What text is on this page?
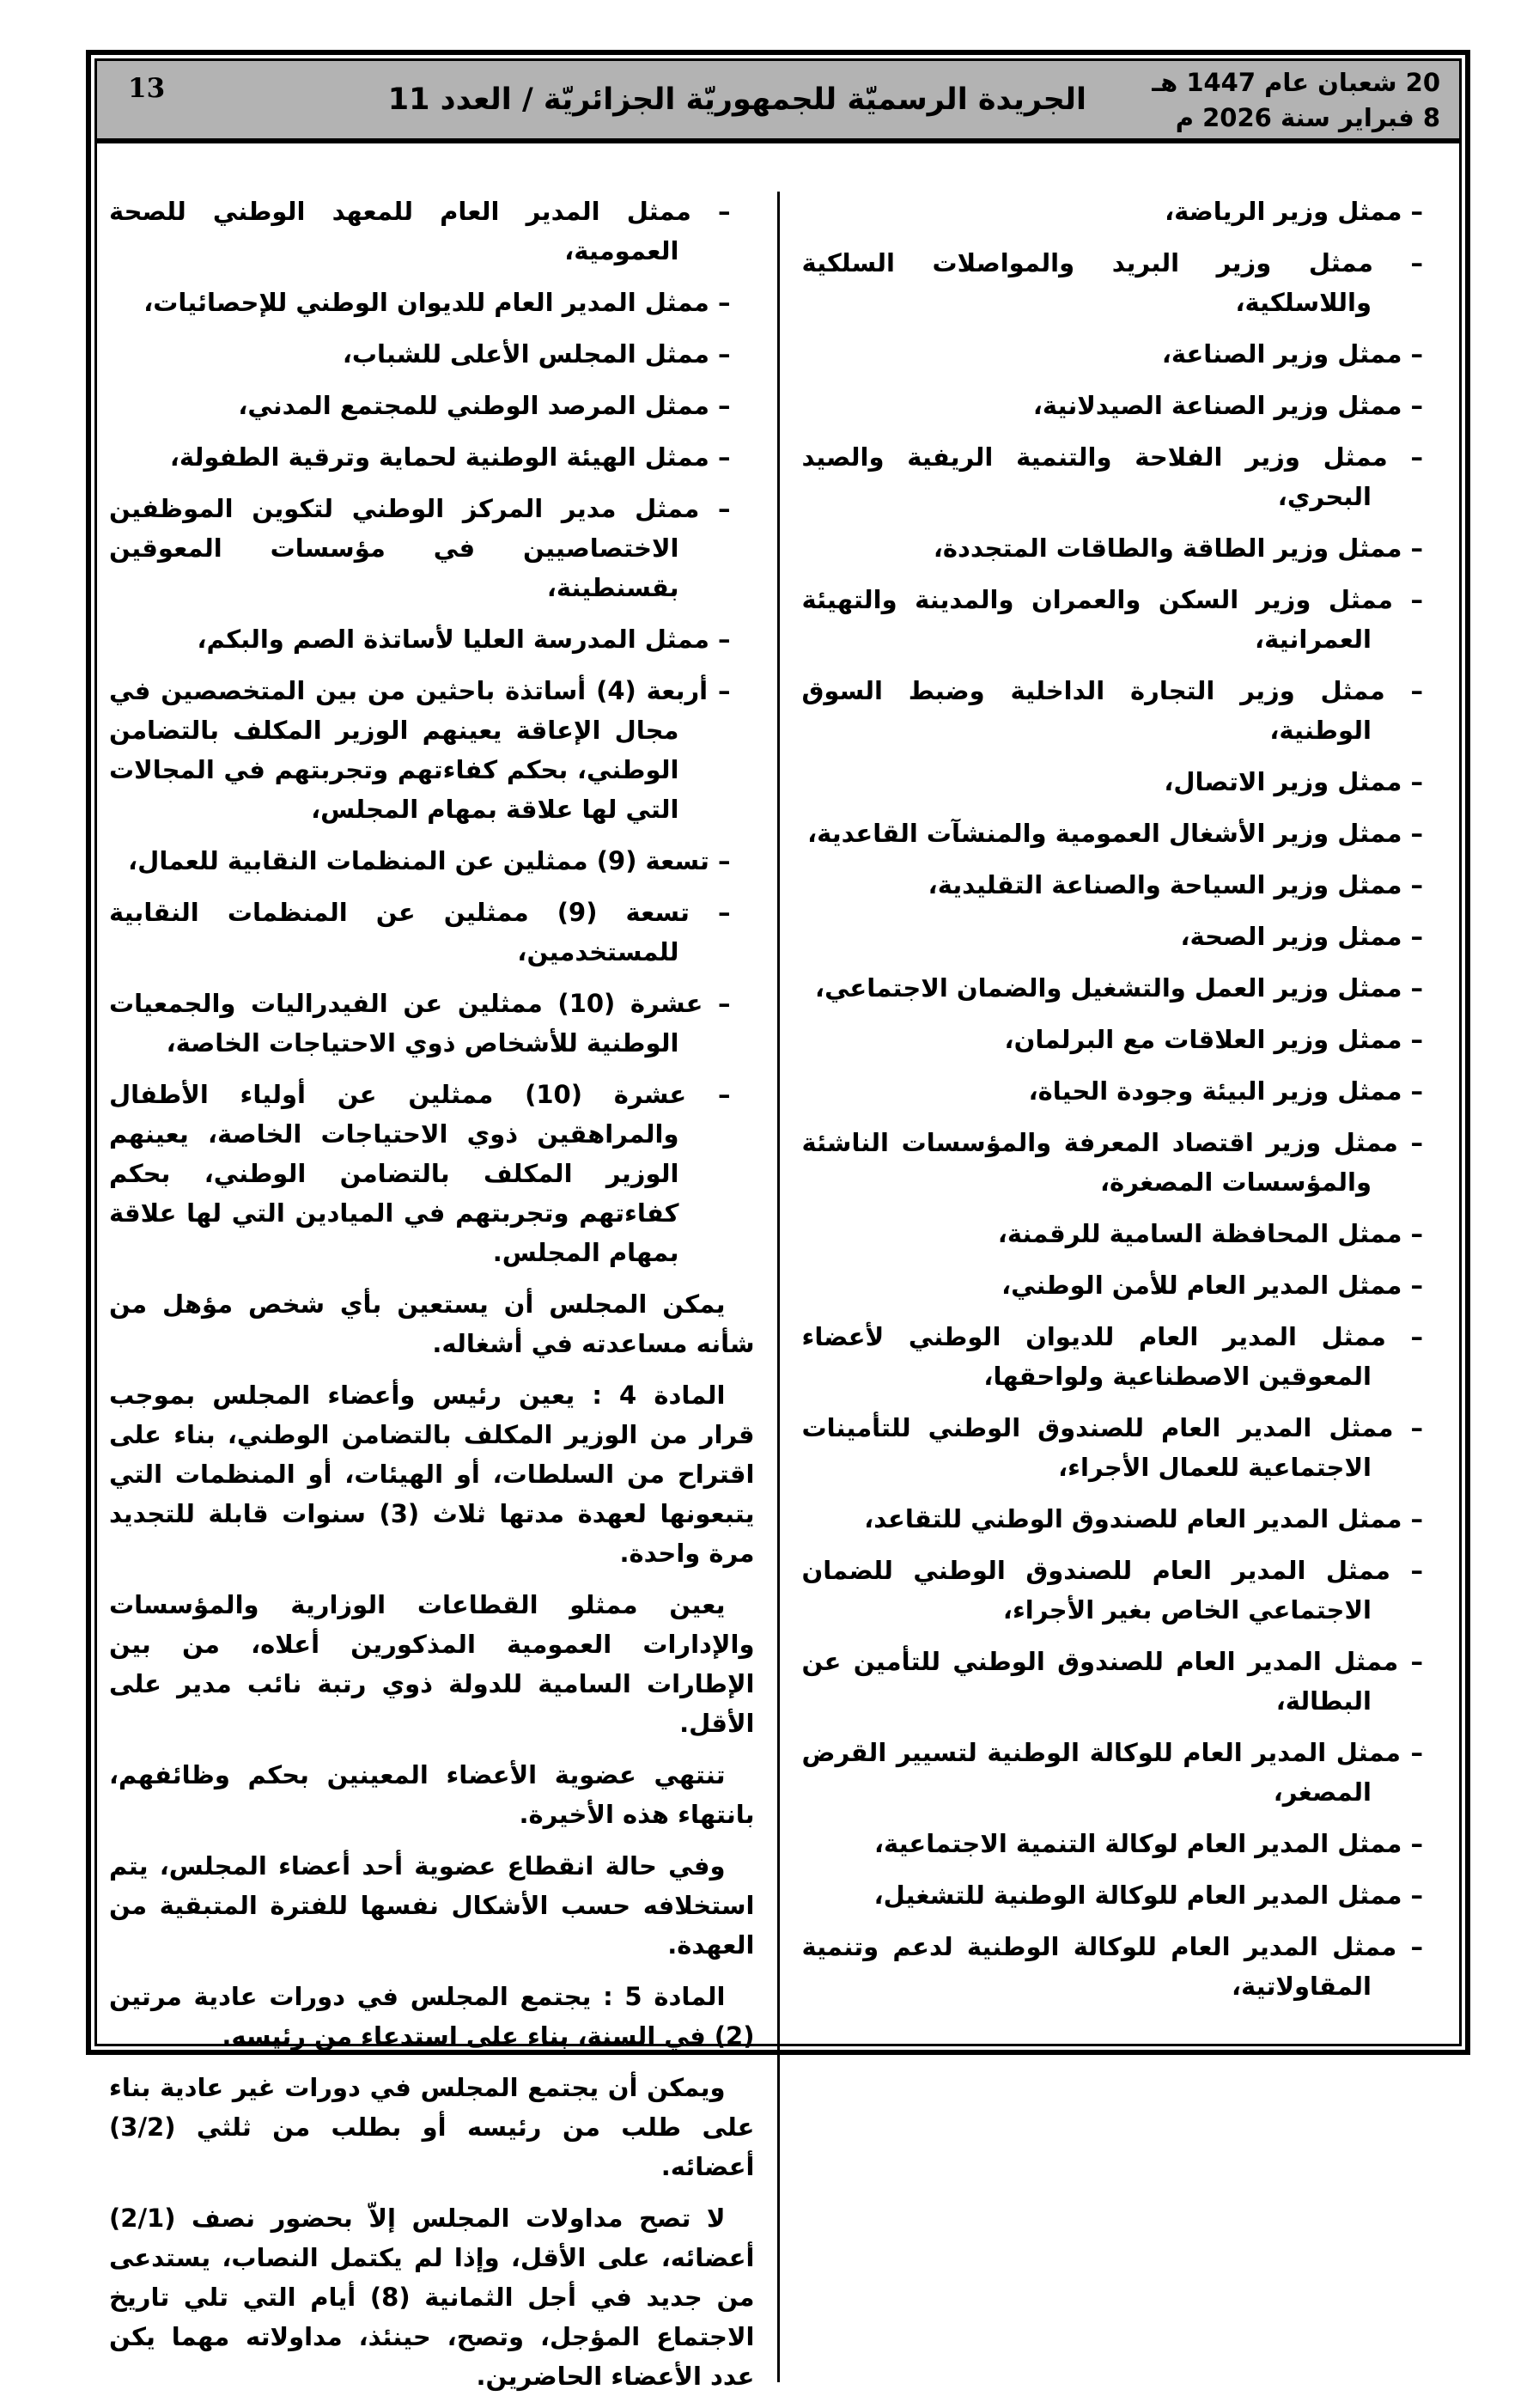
20 شعبان عام 1447 هـ
8 فبراير سنة 2026 م
الجريدة الرسميّة للجمهوريّة الجزائريّة / العدد 11
13

– ممثل وزير الرياضة،

– ممثل وزير البريد والمواصلات السلكية واللاسلكية،

– ممثل وزير الصناعة،

– ممثل وزير الصناعة الصيدلانية،

– ممثل وزير الفلاحة والتنمية الريفية والصيد البحري،

– ممثل وزير الطاقة والطاقات المتجددة،

– ممثل وزير السكن والعمران والمدينة والتهيئة العمرانية،

– ممثل وزير التجارة الداخلية وضبط السوق الوطنية،

– ممثل وزير الاتصال،

– ممثل وزير الأشغال العمومية والمنشآت القاعدية،

– ممثل وزير السياحة والصناعة التقليدية،

– ممثل وزير الصحة،

– ممثل وزير العمل والتشغيل والضمان الاجتماعي،

– ممثل وزير العلاقات مع البرلمان،

– ممثل وزير البيئة وجودة الحياة،

– ممثل وزير اقتصاد المعرفة والمؤسسات الناشئة والمؤسسات المصغرة،

– ممثل المحافظة السامية للرقمنة،

– ممثل المدير العام للأمن الوطني،

– ممثل المدير العام للديوان الوطني لأعضاء المعوقين الاصطناعية ولواحقها،

– ممثل المدير العام للصندوق الوطني للتأمينات الاجتماعية للعمال الأجراء،

– ممثل المدير العام للصندوق الوطني للتقاعد،

– ممثل المدير العام للصندوق الوطني للضمان الاجتماعي الخاص بغير الأجراء،

– ممثل المدير العام للصندوق الوطني للتأمين عن البطالة،

– ممثل المدير العام للوكالة الوطنية لتسيير القرض المصغر،

– ممثل المدير العام لوكالة التنمية الاجتماعية،

– ممثل المدير العام للوكالة الوطنية للتشغيل،

– ممثل المدير العام للوكالة الوطنية لدعم وتنمية المقاولاتية،

– ممثل المدير العام للمعهد الوطني للصحة العمومية،

– ممثل المدير العام للديوان الوطني للإحصائيات،

– ممثل المجلس الأعلى للشباب،

– ممثل المرصد الوطني للمجتمع المدني،

– ممثل الهيئة الوطنية لحماية وترقية الطفولة،

– ممثل مدير المركز الوطني لتكوين الموظفين الاختصاصيين في مؤسسات المعوقين بقسنطينة،

– ممثل المدرسة العليا لأساتذة الصم والبكم،

– أربعة (4) أساتذة باحثين من بين المتخصصين في مجال الإعاقة يعينهم الوزير المكلف بالتضامن الوطني، بحكم كفاءتهم وتجربتهم في المجالات التي لها علاقة بمهام المجلس،

– تسعة (9) ممثلين عن المنظمات النقابية للعمال،

– تسعة (9) ممثلين عن المنظمات النقابية للمستخدمين،

– عشرة (10) ممثلين عن الفيدراليات والجمعيات الوطنية للأشخاص ذوي الاحتياجات الخاصة،

– عشرة (10) ممثلين عن أولياء الأطفال والمراهقين ذوي الاحتياجات الخاصة، يعينهم الوزير المكلف بالتضامن الوطني، بحكم كفاءتهم وتجربتهم في الميادين التي لها علاقة بمهام المجلس.

يمكن المجلس أن يستعين بأي شخص مؤهل من شأنه مساعدته في أشغاله.

المادة 4 : يعين رئيس وأعضاء المجلس بموجب قرار من الوزير المكلف بالتضامن الوطني، بناء على اقتراح من السلطات، أو الهيئات، أو المنظمات التي يتبعونها لعهدة مدتها ثلاث (3) سنوات قابلة للتجديد مرة واحدة.

يعين ممثلو القطاعات الوزارية والمؤسسات والإدارات العمومية المذكورين أعلاه، من بين الإطارات السامية للدولة ذوي رتبة نائب مدير على الأقل.

تنتهي عضوية الأعضاء المعينين بحكم وظائفهم، بانتهاء هذه الأخيرة.

وفي حالة انقطاع عضوية أحد أعضاء المجلس، يتم استخلافه حسب الأشكال نفسها للفترة المتبقية من العهدة.

المادة 5 : يجتمع المجلس في دورات عادية مرتين (2) في السنة، بناء على استدعاء من رئيسه.

ويمكن أن يجتمع المجلس في دورات غير عادية بناء على طلب من رئيسه أو بطلب من ثلثي (3/2) أعضائه.

لا تصح مداولات المجلس إلاّ بحضور نصف (2/1) أعضائه، على الأقل، وإذا لم يكتمل النصاب، يستدعى من جديد في أجل الثمانية (8) أيام التي تلي تاريخ الاجتماع المؤجل، وتصح، حينئذ، مداولاته مهما يكن عدد الأعضاء الحاضرين.
